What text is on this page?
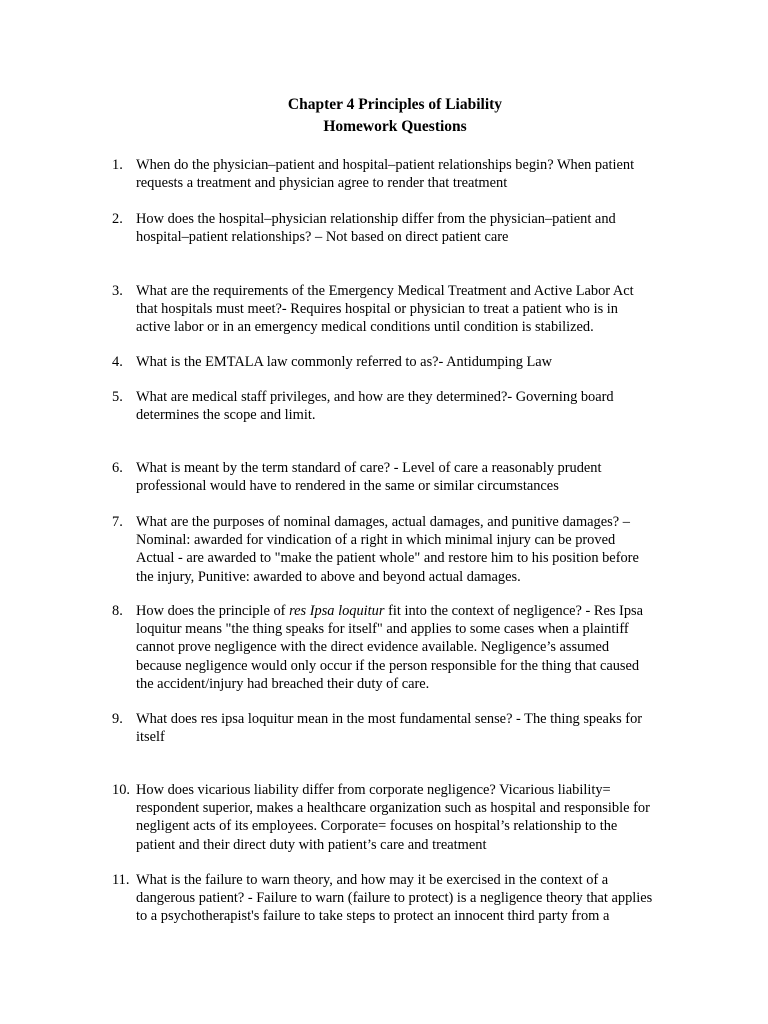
Chapter 4 Principles of Liability
Homework Questions
1. When do the physician–patient and hospital–patient relationships begin? When patient
requests a treatment and physician agree to render that treatment
2. How does the hospital–physician relationship differ from the physician–patient and
hospital–patient relationships? – Not based on direct patient care
3. What are the requirements of the Emergency Medical Treatment and Active Labor Act
that hospitals must meet?- Requires hospital or physician to treat a patient who is in
active labor or in an emergency medical conditions until condition is stabilized.
4. What is the EMTALA law commonly referred to as?- Antidumping Law
5. What are medical staff privileges, and how are they determined?- Governing board
determines the scope and limit.
6. What is meant by the term standard of care? - Level of care a reasonably prudent
professional would have to rendered in the same or similar circumstances
7. What are the purposes of nominal damages, actual damages, and punitive damages? –
Nominal: awarded for vindication of a right in which minimal injury can be proved
Actual - are awarded to "make the patient whole" and restore him to his position before
the injury, Punitive: awarded to above and beyond actual damages.
8. How does the principle of res Ipsa loquitur fit into the context of negligence? - Res Ipsa
loquitur means "the thing speaks for itself" and applies to some cases when a plaintiff
cannot prove negligence with the direct evidence available. Negligence’s assumed
because negligence would only occur if the person responsible for the thing that caused
the accident/injury had breached their duty of care.
9. What does res ipsa loquitur mean in the most fundamental sense? - The thing speaks for
itself
10. How does vicarious liability differ from corporate negligence? Vicarious liability=
respondent superior, makes a healthcare organization such as hospital and responsible for
negligent acts of its employees. Corporate= focuses on hospital’s relationship to the
patient and their direct duty with patient’s care and treatment
11. What is the failure to warn theory, and how may it be exercised in the context of a
dangerous patient? - Failure to warn (failure to protect) is a negligence theory that applies
to a psychotherapist's failure to take steps to protect an innocent third party from a
